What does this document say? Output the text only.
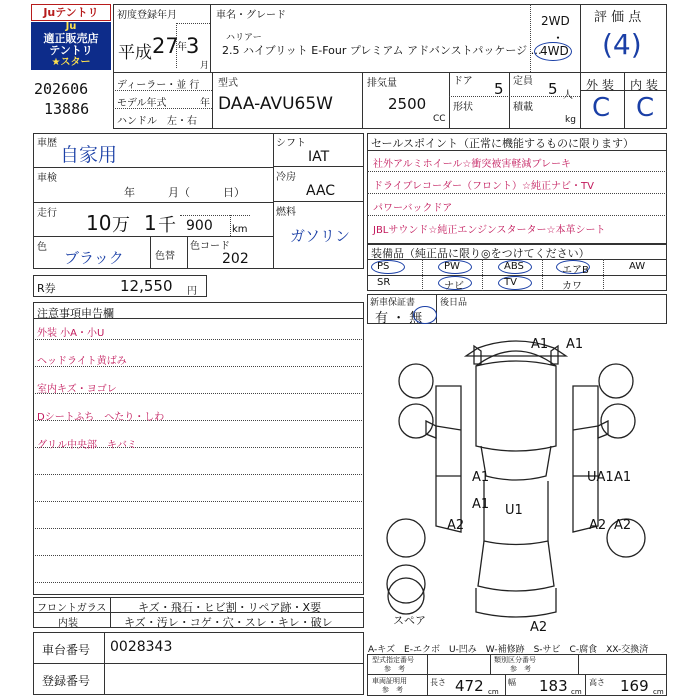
Juテントリ
Ju
適正販売店
テントリ
★スター
202606
13886
初度登録年月	車名・グレード
平成 27
年 3
月
ハリアー
2.5 ハイブリット E-Four プレミアム アドバンストパッケージ …
2WD
・
4WD
評 価 点
(4)
外 装 内 装
C C
ディーラー・並 行
モデル年式	年
ハンドル　左・右
型式
DAA-AVU65W
排気量
2500
CC
ドア 5 定員 5 人
形状	積載
kg
車歴
自家用
車検
年　　　月（　　　日）
走行 10 万 1 千 900 km
色
ブラック	色替
色コード
202
シフト
IAT
冷房
AAC
燃料
ガソリン
セールスポイント（正常に機能するものに限ります）
社外アルミホイール☆衝突被害軽減ブレーキ
ドライブレコーダー（フロント）☆純正ナビ・TV
パワーバックドア
JBLサウンド☆純正エンジンスターター☆本革シート
装備品（純正品に限り◎をつけてください）
PS	PW	ABS	エアB	AW
SR	ナビ	TV	カワ
R券	12,550 円
新車保証書	後日品
有 ・ 無
注意事項申告欄
外装 小A・小U
ヘッドライト黄ばみ
室内キズ・ヨゴレ
Dシートふち　へたり・しわ
グリル中央部　キバミ
フロントガラス	キズ・飛石・ヒビ割・リペア跡・X要
内装	キズ・汚レ・コゲ・穴・スレ・キレ・破レ
車台番号 0028343
登録番号
A1 A1
A1	UA1 A1
A2
A1 U1
A2 A2
A2
スペア
A-キズ　E-エクボ　U-凹み　W-補修跡　S-サビ　C-腐食　XX-交換済
型式指定番号
参　考
類別区分番号
参　考
車両証明用
参　考
長さ 472 cm
幅 183 cm
高さ 169 cm
